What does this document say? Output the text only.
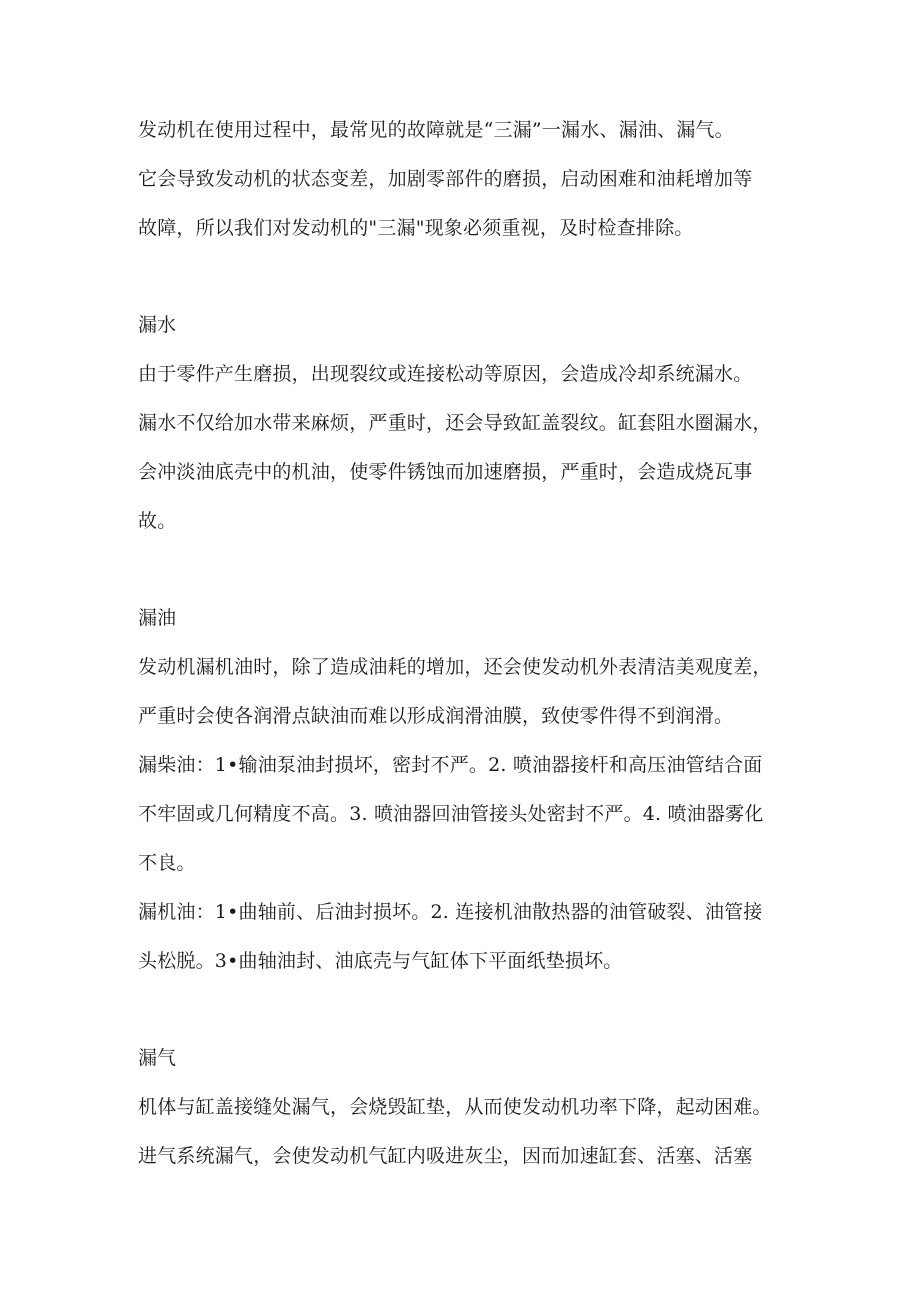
发动机在使用过程中，最常见的故障就是“三漏”一漏水、漏油、漏气。
它会导致发动机的状态变差，加剧零部件的磨损，启动困难和油耗增加等
故障，所以我们对发动机的"三漏"现象必须重视，及时检查排除。
漏水
由于零件产生磨损，出现裂纹或连接松动等原因，会造成冷却系统漏水。
漏水不仅给加水带来麻烦，严重时，还会导致缸盖裂纹。缸套阻水圈漏水，
会冲淡油底壳中的机油，使零件锈蚀而加速磨损，严重时，会造成烧瓦事
故。
漏油
发动机漏机油时，除了造成油耗的增加，还会使发动机外表清洁美观度差，
严重时会使各润滑点缺油而难以形成润滑油膜，致使零件得不到润滑。
漏柴油：1•输油泵油封损坏，密封不严。2. 喷油器接杆和高压油管结合面
不牢固或几何精度不高。3. 喷油器回油管接头处密封不严。4. 喷油器雾化
不良。
漏机油：1•曲轴前、后油封损坏。2. 连接机油散热器的油管破裂、油管接
头松脱。3•曲轴油封、油底壳与气缸体下平面纸垫损坏。
漏气
机体与缸盖接缝处漏气，会烧毁缸垫，从而使发动机功率下降，起动困难。
进气系统漏气，会使发动机气缸内吸进灰尘，因而加速缸套、活塞、活塞
